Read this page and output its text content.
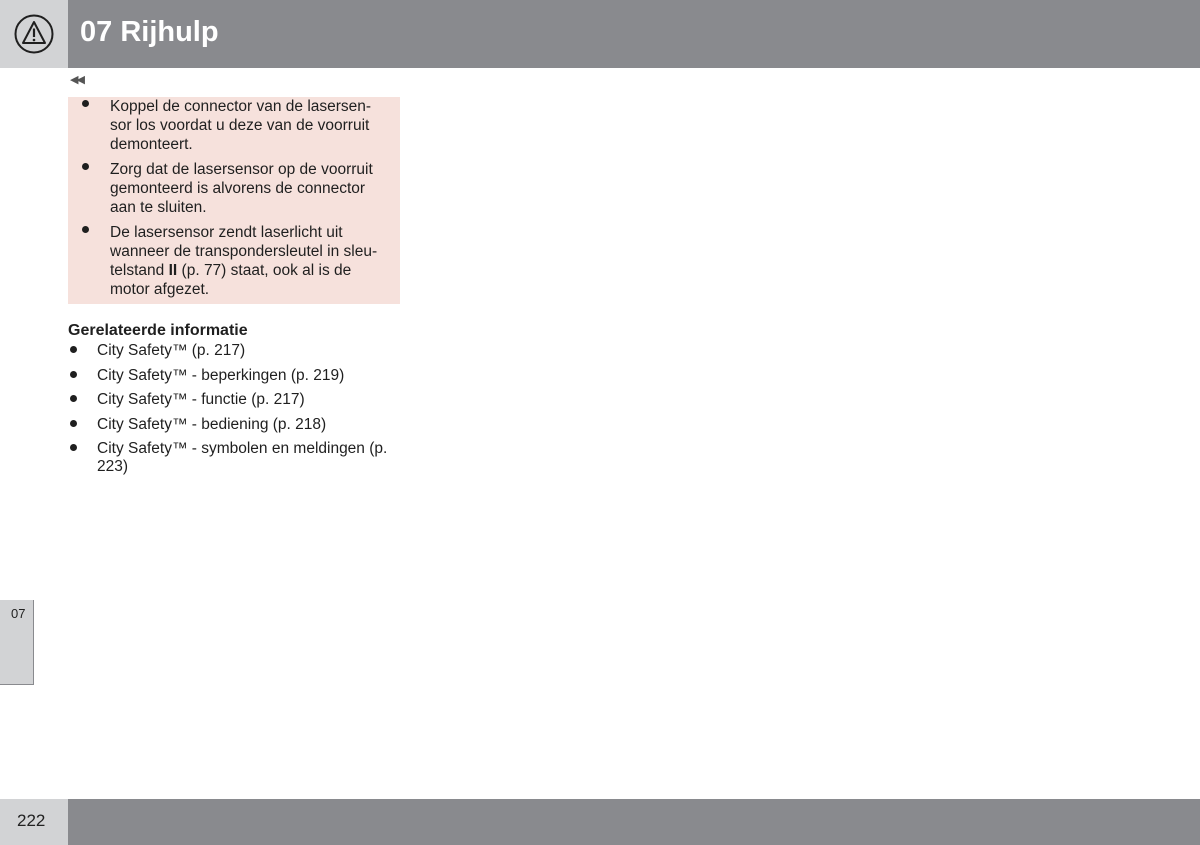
07 Rijhulp
◀◀
Koppel de connector van de lasersen-sor los voordat u deze van de voorruit demonteert.
Zorg dat de lasersensor op de voorruit gemonteerd is alvorens de connector aan te sluiten.
De lasersensor zendt laserlicht uit wanneer de transpondersleutel in sleu-telstand II (p. 77) staat, ook al is de motor afgezet.
Gerelateerde informatie
City Safety™ (p. 217)
City Safety™ - beperkingen (p. 219)
City Safety™ - functie (p. 217)
City Safety™ - bediening (p. 218)
City Safety™ - symbolen en meldingen (p. 223)
07
222
